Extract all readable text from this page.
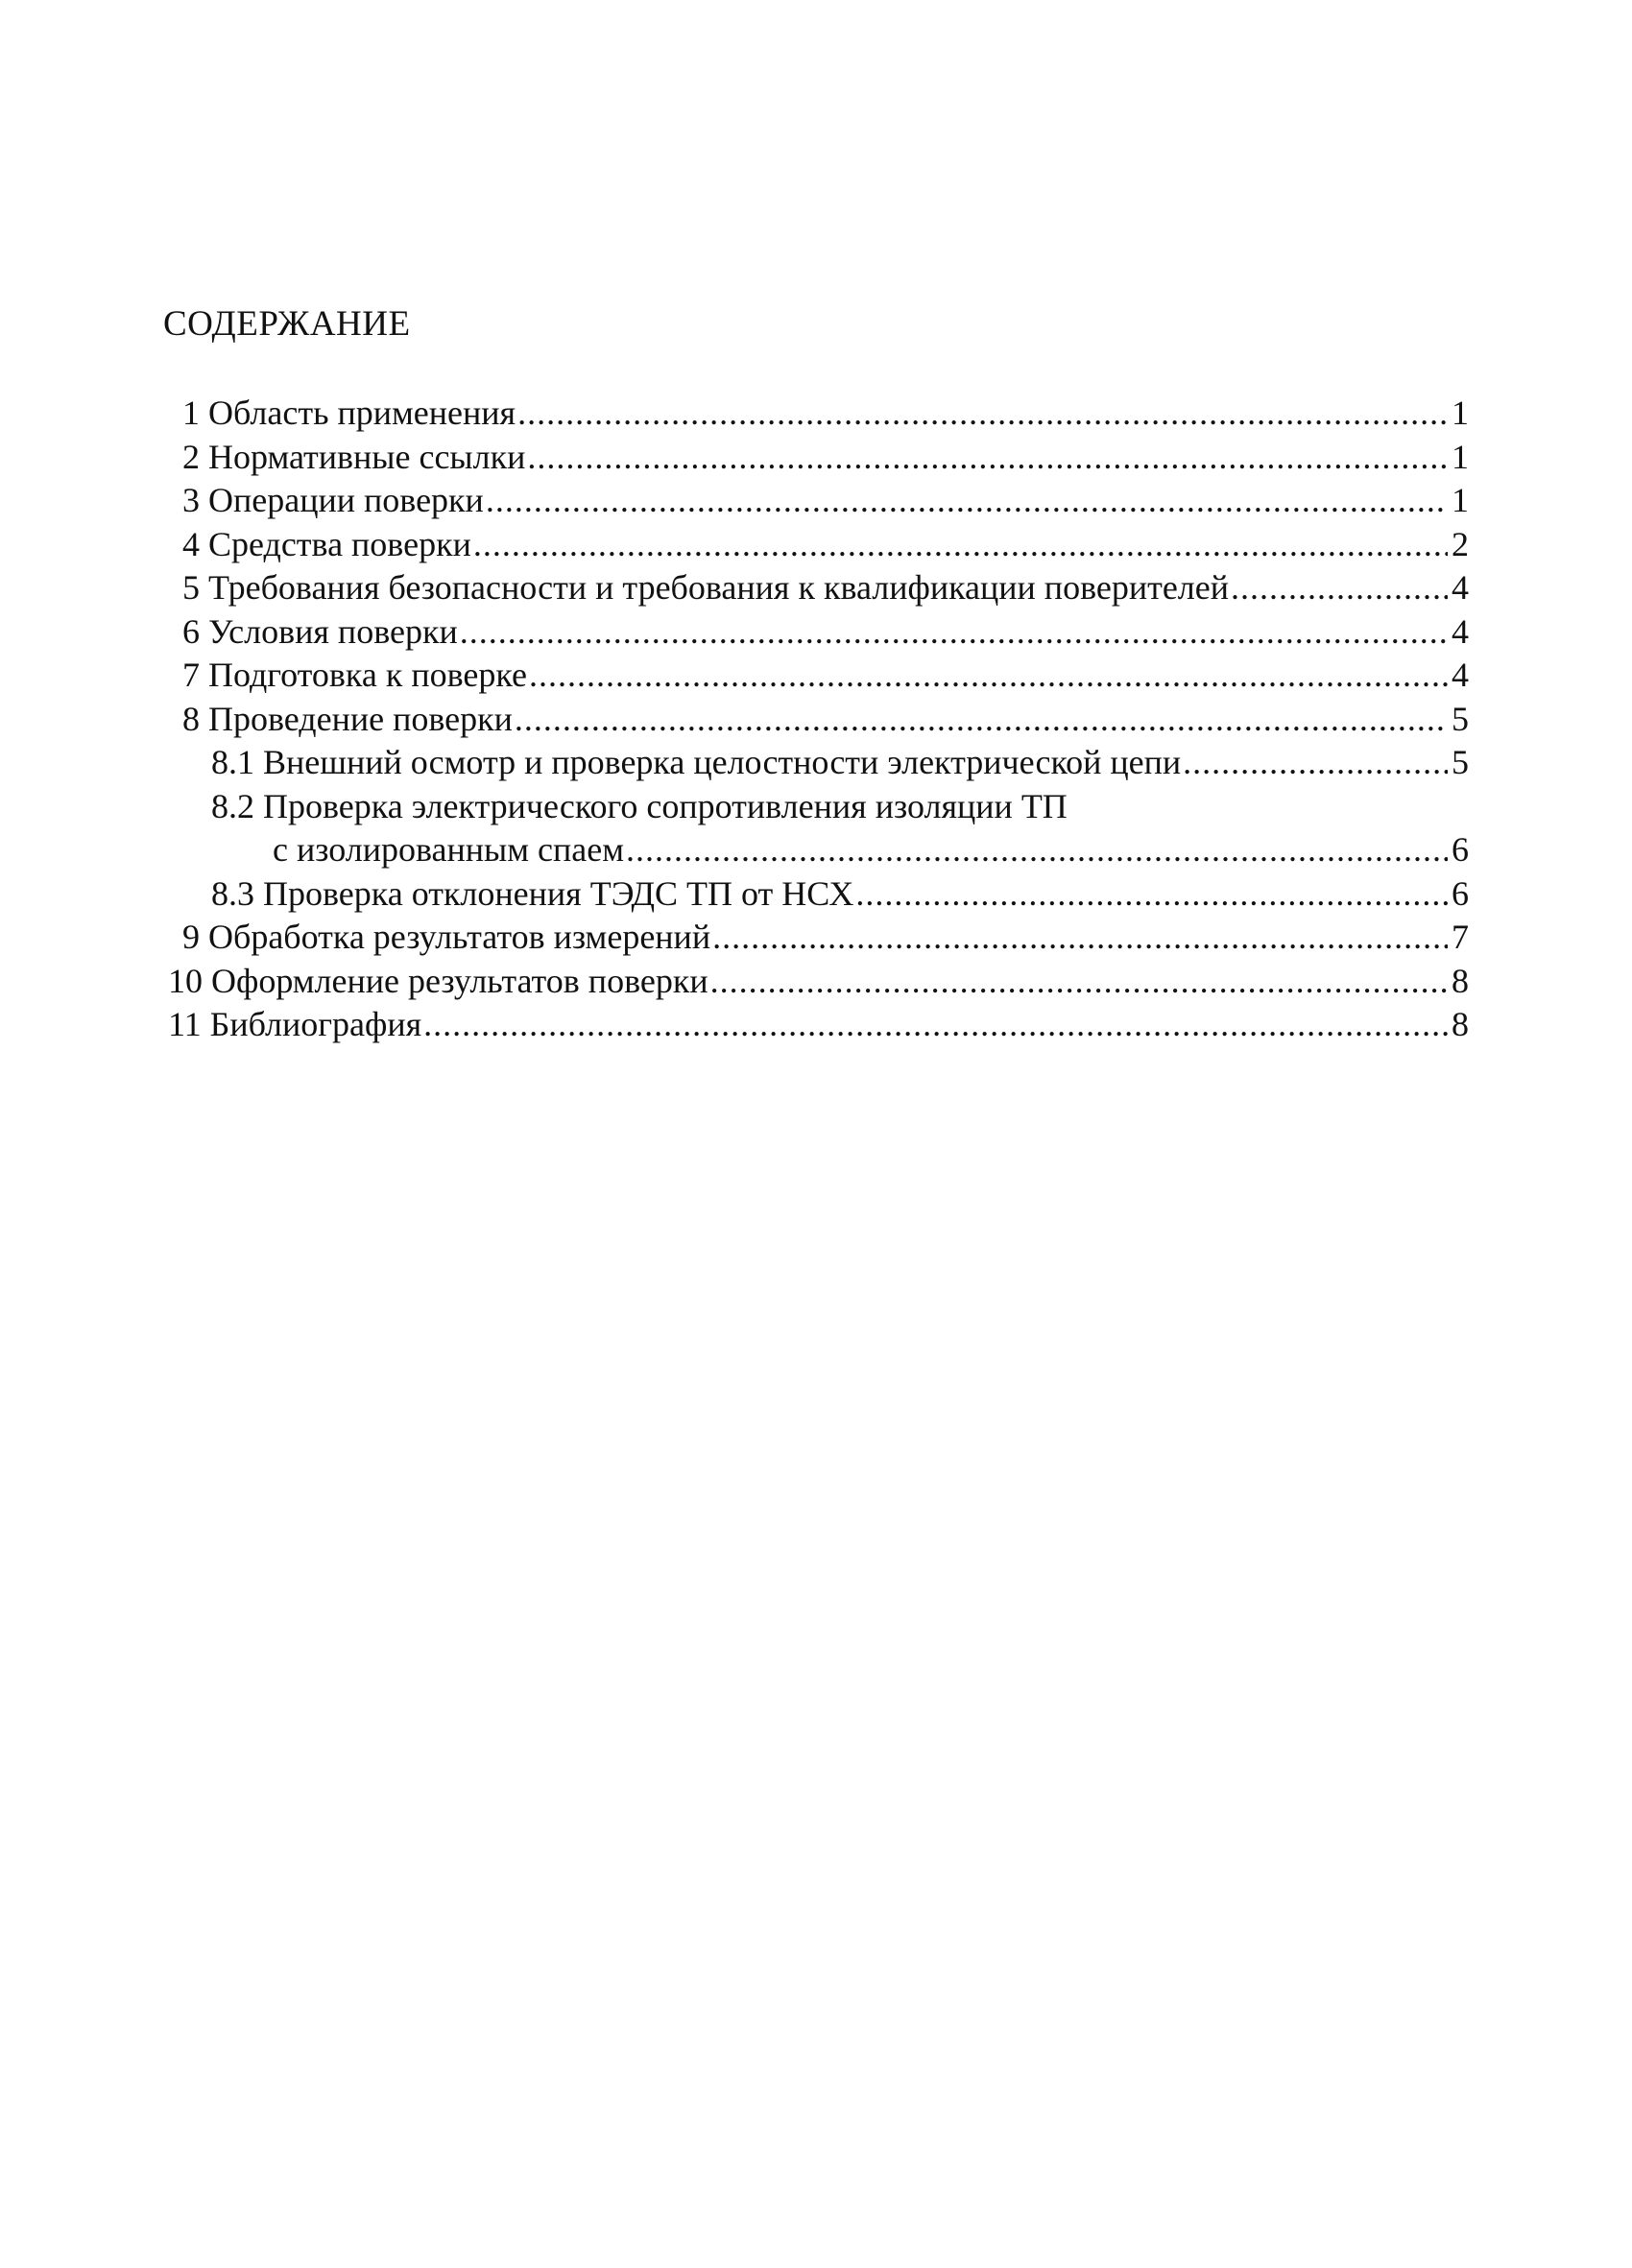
СОДЕРЖАНИЕ
1 Область применения .....	1
2 Нормативные ссылки .....	1
3 Операции поверки .....	1
4 Средства поверки .....	2
5 Требования безопасности и требования к квалификации поверителей .....	4
6 Условия поверки .....	4
7 Подготовка к поверке .....	4
8 Проведение поверки .....	5
8.1 Внешний осмотр и проверка целостности электрической цепи .....	5
8.2 Проверка электрического сопротивления изоляции ТП
с изолированным спаем .....	6
8.3 Проверка отклонения ТЭДС ТП от НСХ .....	6
9 Обработка результатов измерений .....	7
10 Оформление результатов поверки .....	8
11 Библиография .....	8
